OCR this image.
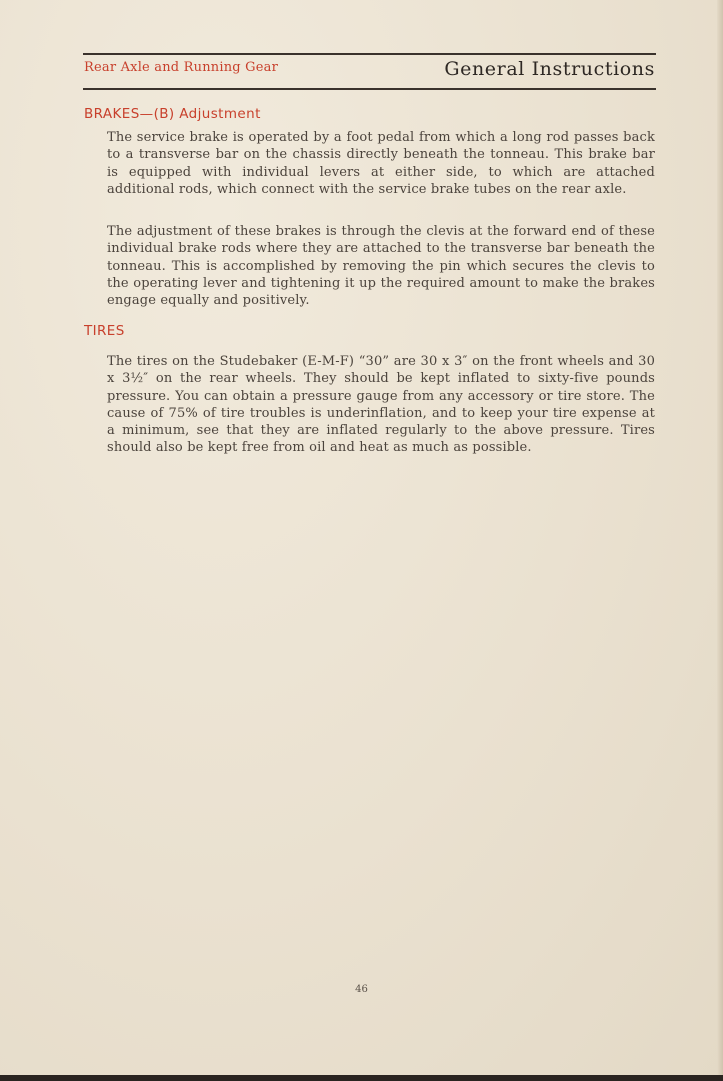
Rear Axle and Running Gear	General Instructions
BRAKES—(B) Adjustment

The service brake is operated by a foot pedal from which a long rod passes back to a transverse bar on the chassis directly beneath the tonneau. This brake bar is equipped with individual levers at either side, to which are attached additional rods, which connect with the service brake tubes on the rear axle.

The adjustment of these brakes is through the clevis at the forward end of these individual brake rods where they are attached to the transverse bar beneath the tonneau. This is accomplished by removing the pin which secures the clevis to the operating lever and tightening it up the required amount to make the brakes engage equally and positively.

TIRES

The tires on the Studebaker (E-M-F) “30” are 30 x 3″ on the front wheels and 30 x 3½″ on the rear wheels. They should be kept inflated to sixty-five pounds pressure. You can obtain a pressure gauge from any accessory or tire store. The cause of 75% of tire troubles is underinflation, and to keep your tire expense at a minimum, see that they are inflated regularly to the above pressure. Tires should also be kept free from oil and heat as much as possible.

46
